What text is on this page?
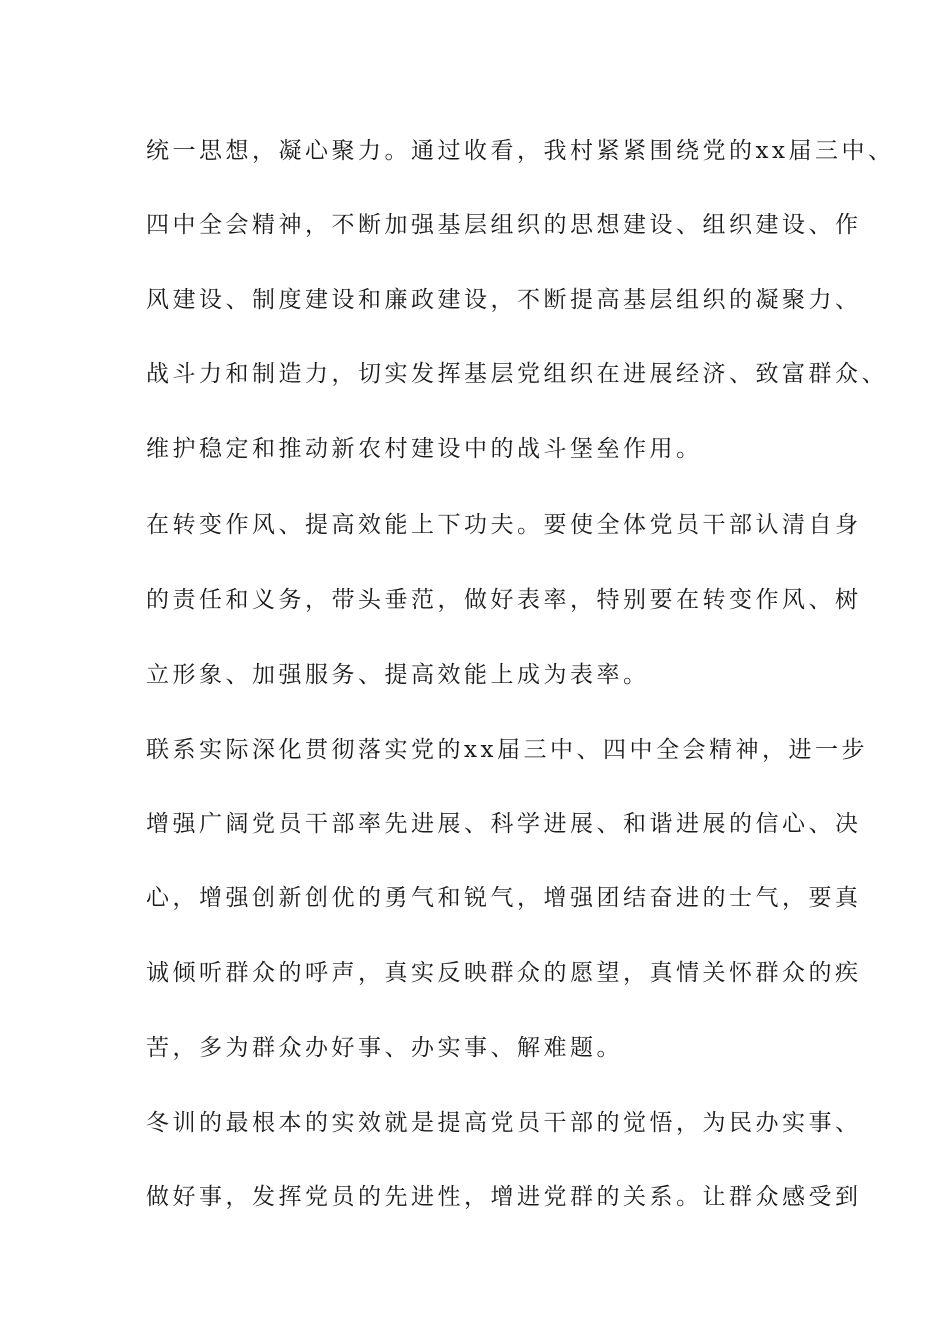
统一思想，凝心聚力。通过收看，我村紧紧围绕党的xx届三中、
四中全会精神，不断加强基层组织的思想建设、组织建设、作
风建设、制度建设和廉政建设，不断提高基层组织的凝聚力、
战斗力和制造力，切实发挥基层党组织在进展经济、致富群众、
维护稳定和推动新农村建设中的战斗堡垒作用。
在转变作风、提高效能上下功夫。要使全体党员干部认清自身
的责任和义务，带头垂范，做好表率，特别要在转变作风、树
立形象、加强服务、提高效能上成为表率。
联系实际深化贯彻落实党的xx届三中、四中全会精神，进一步
增强广阔党员干部率先进展、科学进展、和谐进展的信心、决
心，增强创新创优的勇气和锐气，增强团结奋进的士气，要真
诚倾听群众的呼声，真实反映群众的愿望，真情关怀群众的疾
苦，多为群众办好事、办实事、解难题。
冬训的最根本的实效就是提高党员干部的觉悟，为民办实事、
做好事，发挥党员的先进性，增进党群的关系。让群众感受到
